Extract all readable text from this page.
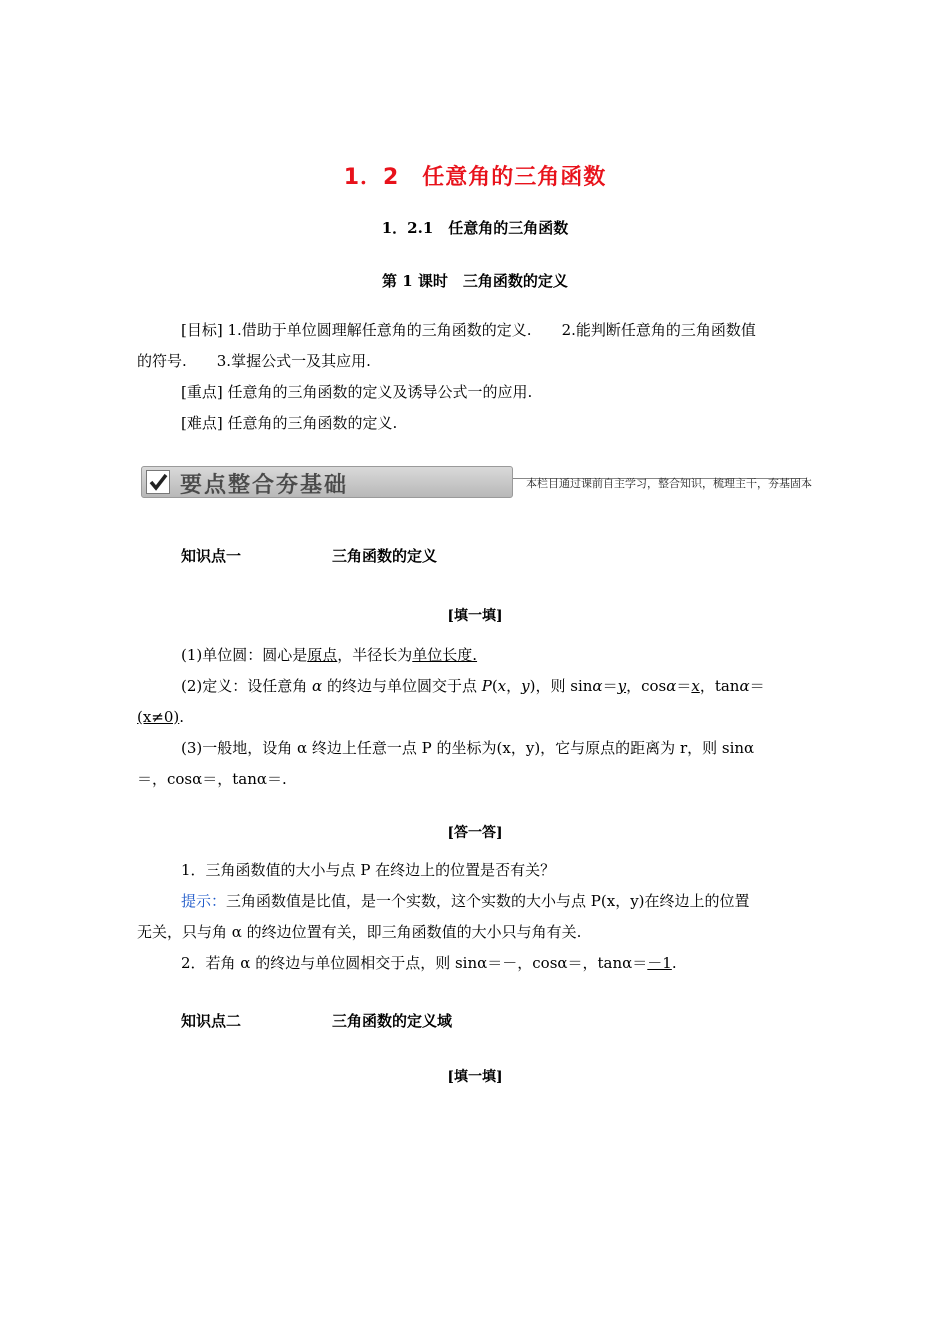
1．2　任意角的三角函数
1．2.1　任意角的三角函数
第 1 课时　三角函数的定义
[目标] 1.借助于单位圆理解任意角的三角函数的定义.　　2.能判断任意角的三角函数值
的符号.　　3.掌握公式一及其应用.
[重点] 任意角的三角函数的定义及诱导公式一的应用.
[难点] 任意角的三角函数的定义.
要点整合夯基础	本栏目通过课前自主学习，整合知识，梳理主干，夯基固本
知识点一	三角函数的定义
[填一填]
(1)单位圆：圆心是原点，半径长为单位长度.
(2)定义：设任意角 α 的终边与单位圆交于点 P(x，y)，则 sinα＝y，cosα＝x，tanα＝
(x≠0).
(3)一般地，设角 α 终边上任意一点 P 的坐标为(x，y)，它与原点的距离为 r，则 sinα
＝，cosα＝，tanα＝.
[答一答]
1．三角函数值的大小与点 P 在终边上的位置是否有关？
提示：三角函数值是比值，是一个实数，这个实数的大小与点 P(x，y)在终边上的位置
无关，只与角 α 的终边位置有关，即三角函数值的大小只与角有关.
2．若角 α 的终边与单位圆相交于点，则 sinα＝－，cosα＝，tanα＝－1.
知识点二	三角函数的定义域
[填一填]
